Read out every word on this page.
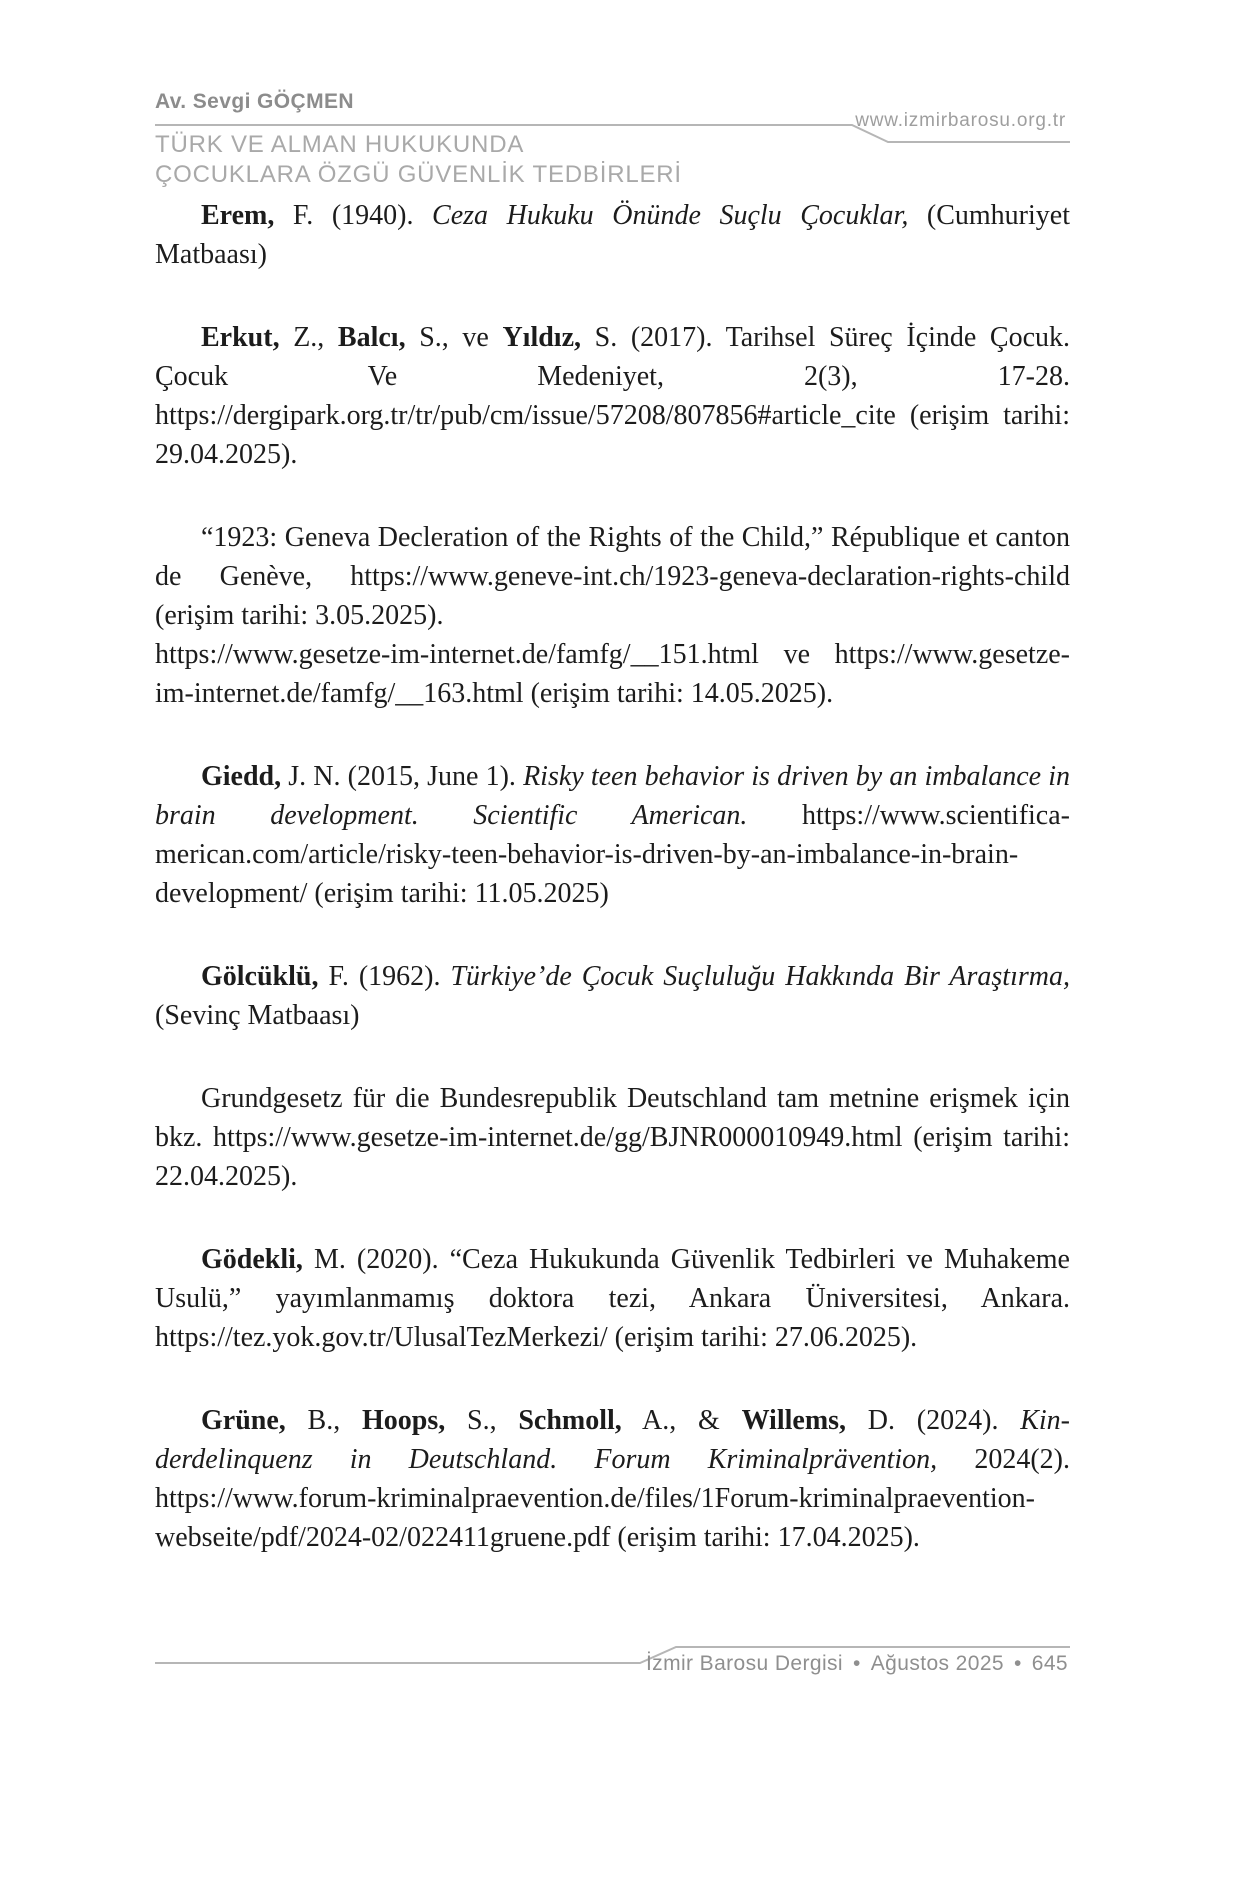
Av. Sevgi GÖÇMEN
TÜRK VE ALMAN HUKUKUNDA
ÇOCUKLARA ÖZGÜ GÜVENLİK TEDBİRLERİ
www.izmirbarosu.org.tr

Erem, F. (1940). Ceza Hukuku Önünde Suçlu Çocuklar, (Cumhuriyet Matbaası)

Erkut, Z., Balcı, S., ve Yıldız, S. (2017). Tarihsel Süreç İçinde Çocuk. Çocuk Ve Medeniyet, 2(3), 17-28. https://dergipark.org.tr/tr/pub/cm/issue/57208/807856#article_cite (erişim tarihi: 29.04.2025).

“1923: Geneva Decleration of the Rights of the Child,” République et canton de Genève, https://www.geneve-int.ch/1923-geneva-declaration-rights-child (erişim tarihi: 3.05.2025).
https://www.gesetze-im-internet.de/famfg/__151.html ve https://www.gesetze-im-internet.de/famfg/__163.html (erişim tarihi: 14.05.2025).

Giedd, J. N. (2015, June 1). Risky teen behavior is driven by an imbalance in brain development. Scientific American. https://www.scientificamerican.com/article/risky-teen-behavior-is-driven-by-an-imbalance-in-brain-development/ (erişim tarihi: 11.05.2025)

Gölcüklü, F. (1962). Türkiye’de Çocuk Suçluluğu Hakkında Bir Araştırma, (Sevinç Matbaası)

Grundgesetz für die Bundesrepublik Deutschland tam metnine erişmek için bkz. https://www.gesetze-im-internet.de/gg/BJNR000010949.html (erişim tarihi: 22.04.2025).

Gödekli, M. (2020). “Ceza Hukukunda Güvenlik Tedbirleri ve Muhakeme Usulü,” yayımlanmamış doktora tezi, Ankara Üniversitesi, Ankara. https://tez.yok.gov.tr/UlusalTezMerkezi/ (erişim tarihi: 27.06.2025).

Grüne, B., Hoops, S., Schmoll, A., & Willems, D. (2024). Kinderdelinquenz in Deutschland. Forum Kriminalprävention, 2024(2). https://www.forum-kriminalpraevention.de/files/1Forum-kriminalpraevention-webseite/pdf/2024-02/022411gruene.pdf (erişim tarihi: 17.04.2025).

İzmir Barosu Dergisi • Ağustos 2025 • 645
